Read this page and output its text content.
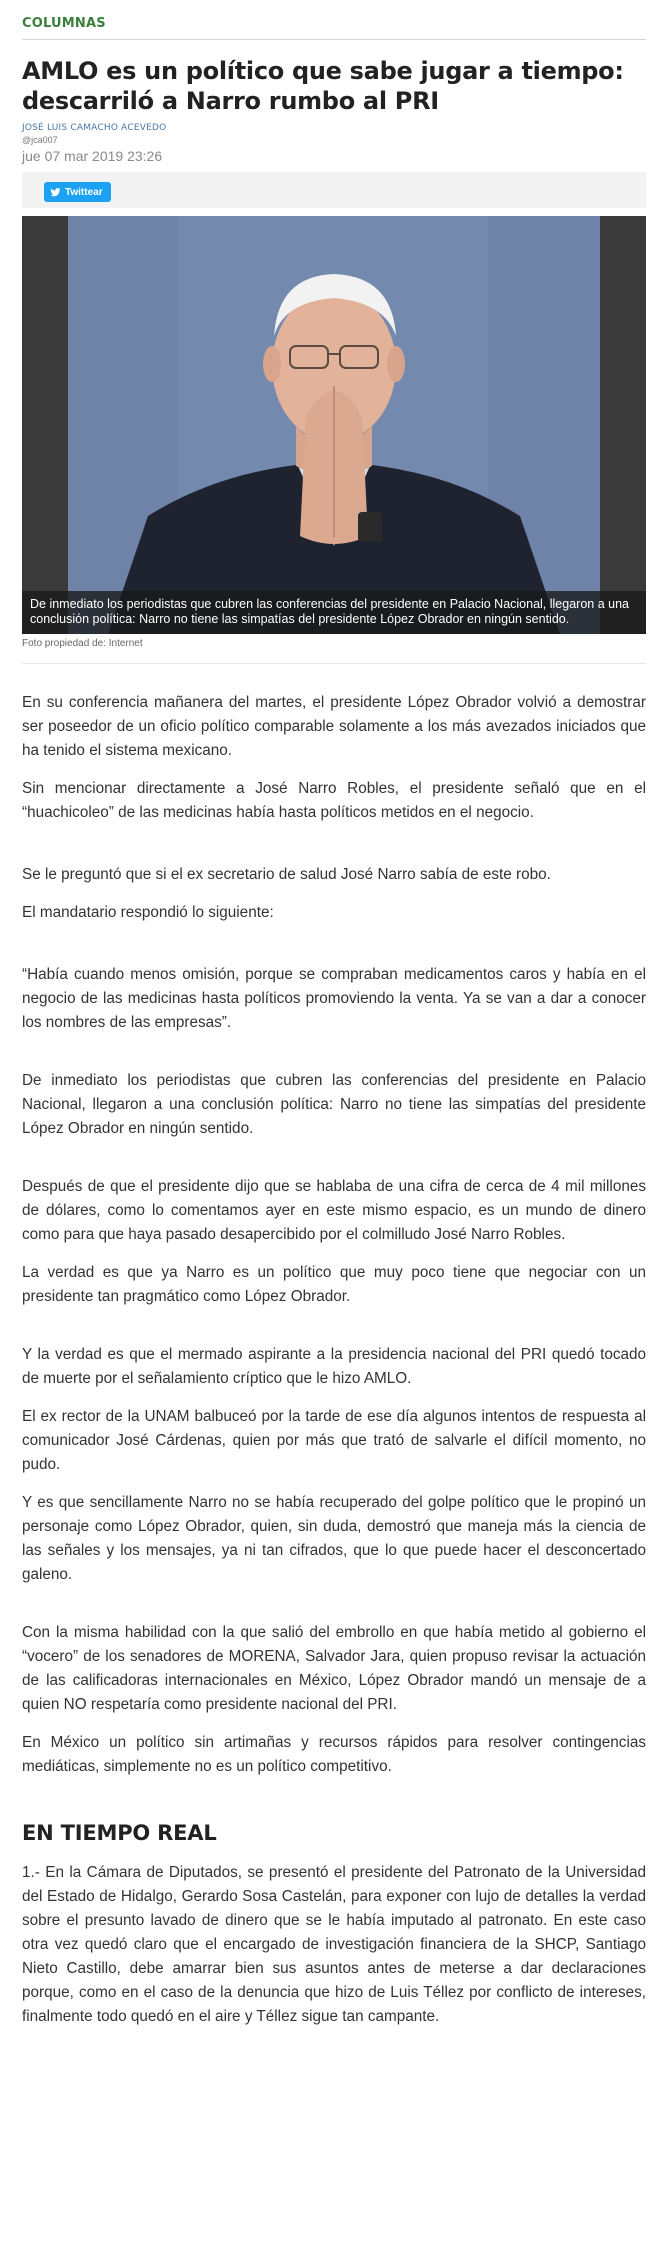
COLUMNAS
AMLO es un político que sabe jugar a tiempo: descarriló a Narro rumbo al PRI
JOSÉ LUIS CAMACHO ACEVEDO
@jca007
jue 07 mar 2019 23:26
Twittear
De inmediato los periodistas que cubren las conferencias del presidente en Palacio Nacional, llegaron a una conclusión política: Narro no tiene las simpatías del presidente López Obrador en ningún sentido.
Foto propiedad de: Internet

En su conferencia mañanera del martes, el presidente López Obrador volvió a demostrar ser poseedor de un oficio político comparable solamente a los más avezados iniciados que ha tenido el sistema mexicano.

Sin mencionar directamente a José Narro Robles, el presidente señaló que en el “huachicoleo” de las medicinas había hasta políticos metidos en el negocio.

Se le preguntó que si el ex secretario de salud José Narro sabía de este robo.

El mandatario respondió lo siguiente:

“Había cuando menos omisión, porque se compraban medicamentos caros y había en el negocio de las medicinas hasta políticos promoviendo la venta. Ya se van a dar a conocer los nombres de las empresas”.

De inmediato los periodistas que cubren las conferencias del presidente en Palacio Nacional, llegaron a una conclusión política: Narro no tiene las simpatías del presidente López Obrador en ningún sentido.

Después de que el presidente dijo que se hablaba de una cifra de cerca de 4 mil millones de dólares, como lo comentamos ayer en este mismo espacio, es un mundo de dinero como para que haya pasado desapercibido por el colmilludo José Narro Robles.

La verdad es que ya Narro es un político que muy poco tiene que negociar con un presidente tan pragmático como López Obrador.

Y la verdad es que el mermado aspirante a la presidencia nacional del PRI quedó tocado de muerte por el señalamiento críptico que le hizo AMLO.

El ex rector de la UNAM balbuceó por la tarde de ese día algunos intentos de respuesta al comunicador José Cárdenas, quien por más que trató de salvarle el difícil momento, no pudo.

Y es que sencillamente Narro no se había recuperado del golpe político que le propinó un personaje como López Obrador, quien, sin duda, demostró que maneja más la ciencia de las señales y los mensajes, ya ni tan cifrados, que lo que puede hacer el desconcertado galeno.

Con la misma habilidad con la que salió del embrollo en que había metido al gobierno el “vocero” de los senadores de MORENA, Salvador Jara, quien propuso revisar la actuación de las calificadoras internacionales en México, López Obrador mandó un mensaje de a quien NO respetaría como presidente nacional del PRI.

En México un político sin artimañas y recursos rápidos para resolver contingencias mediáticas, simplemente no es un político competitivo.

EN TIEMPO REAL

1.- En la Cámara de Diputados, se presentó el presidente del Patronato de la Universidad del Estado de Hidalgo, Gerardo Sosa Castelán, para exponer con lujo de detalles la verdad sobre el presunto lavado de dinero que se le había imputado al patronato. En este caso otra vez quedó claro que el encargado de investigación financiera de la SHCP, Santiago Nieto Castillo, debe amarrar bien sus asuntos antes de meterse a dar declaraciones porque, como en el caso de la denuncia que hizo de Luis Téllez por conflicto de intereses, finalmente todo quedó en el aire y Téllez sigue tan campante.
